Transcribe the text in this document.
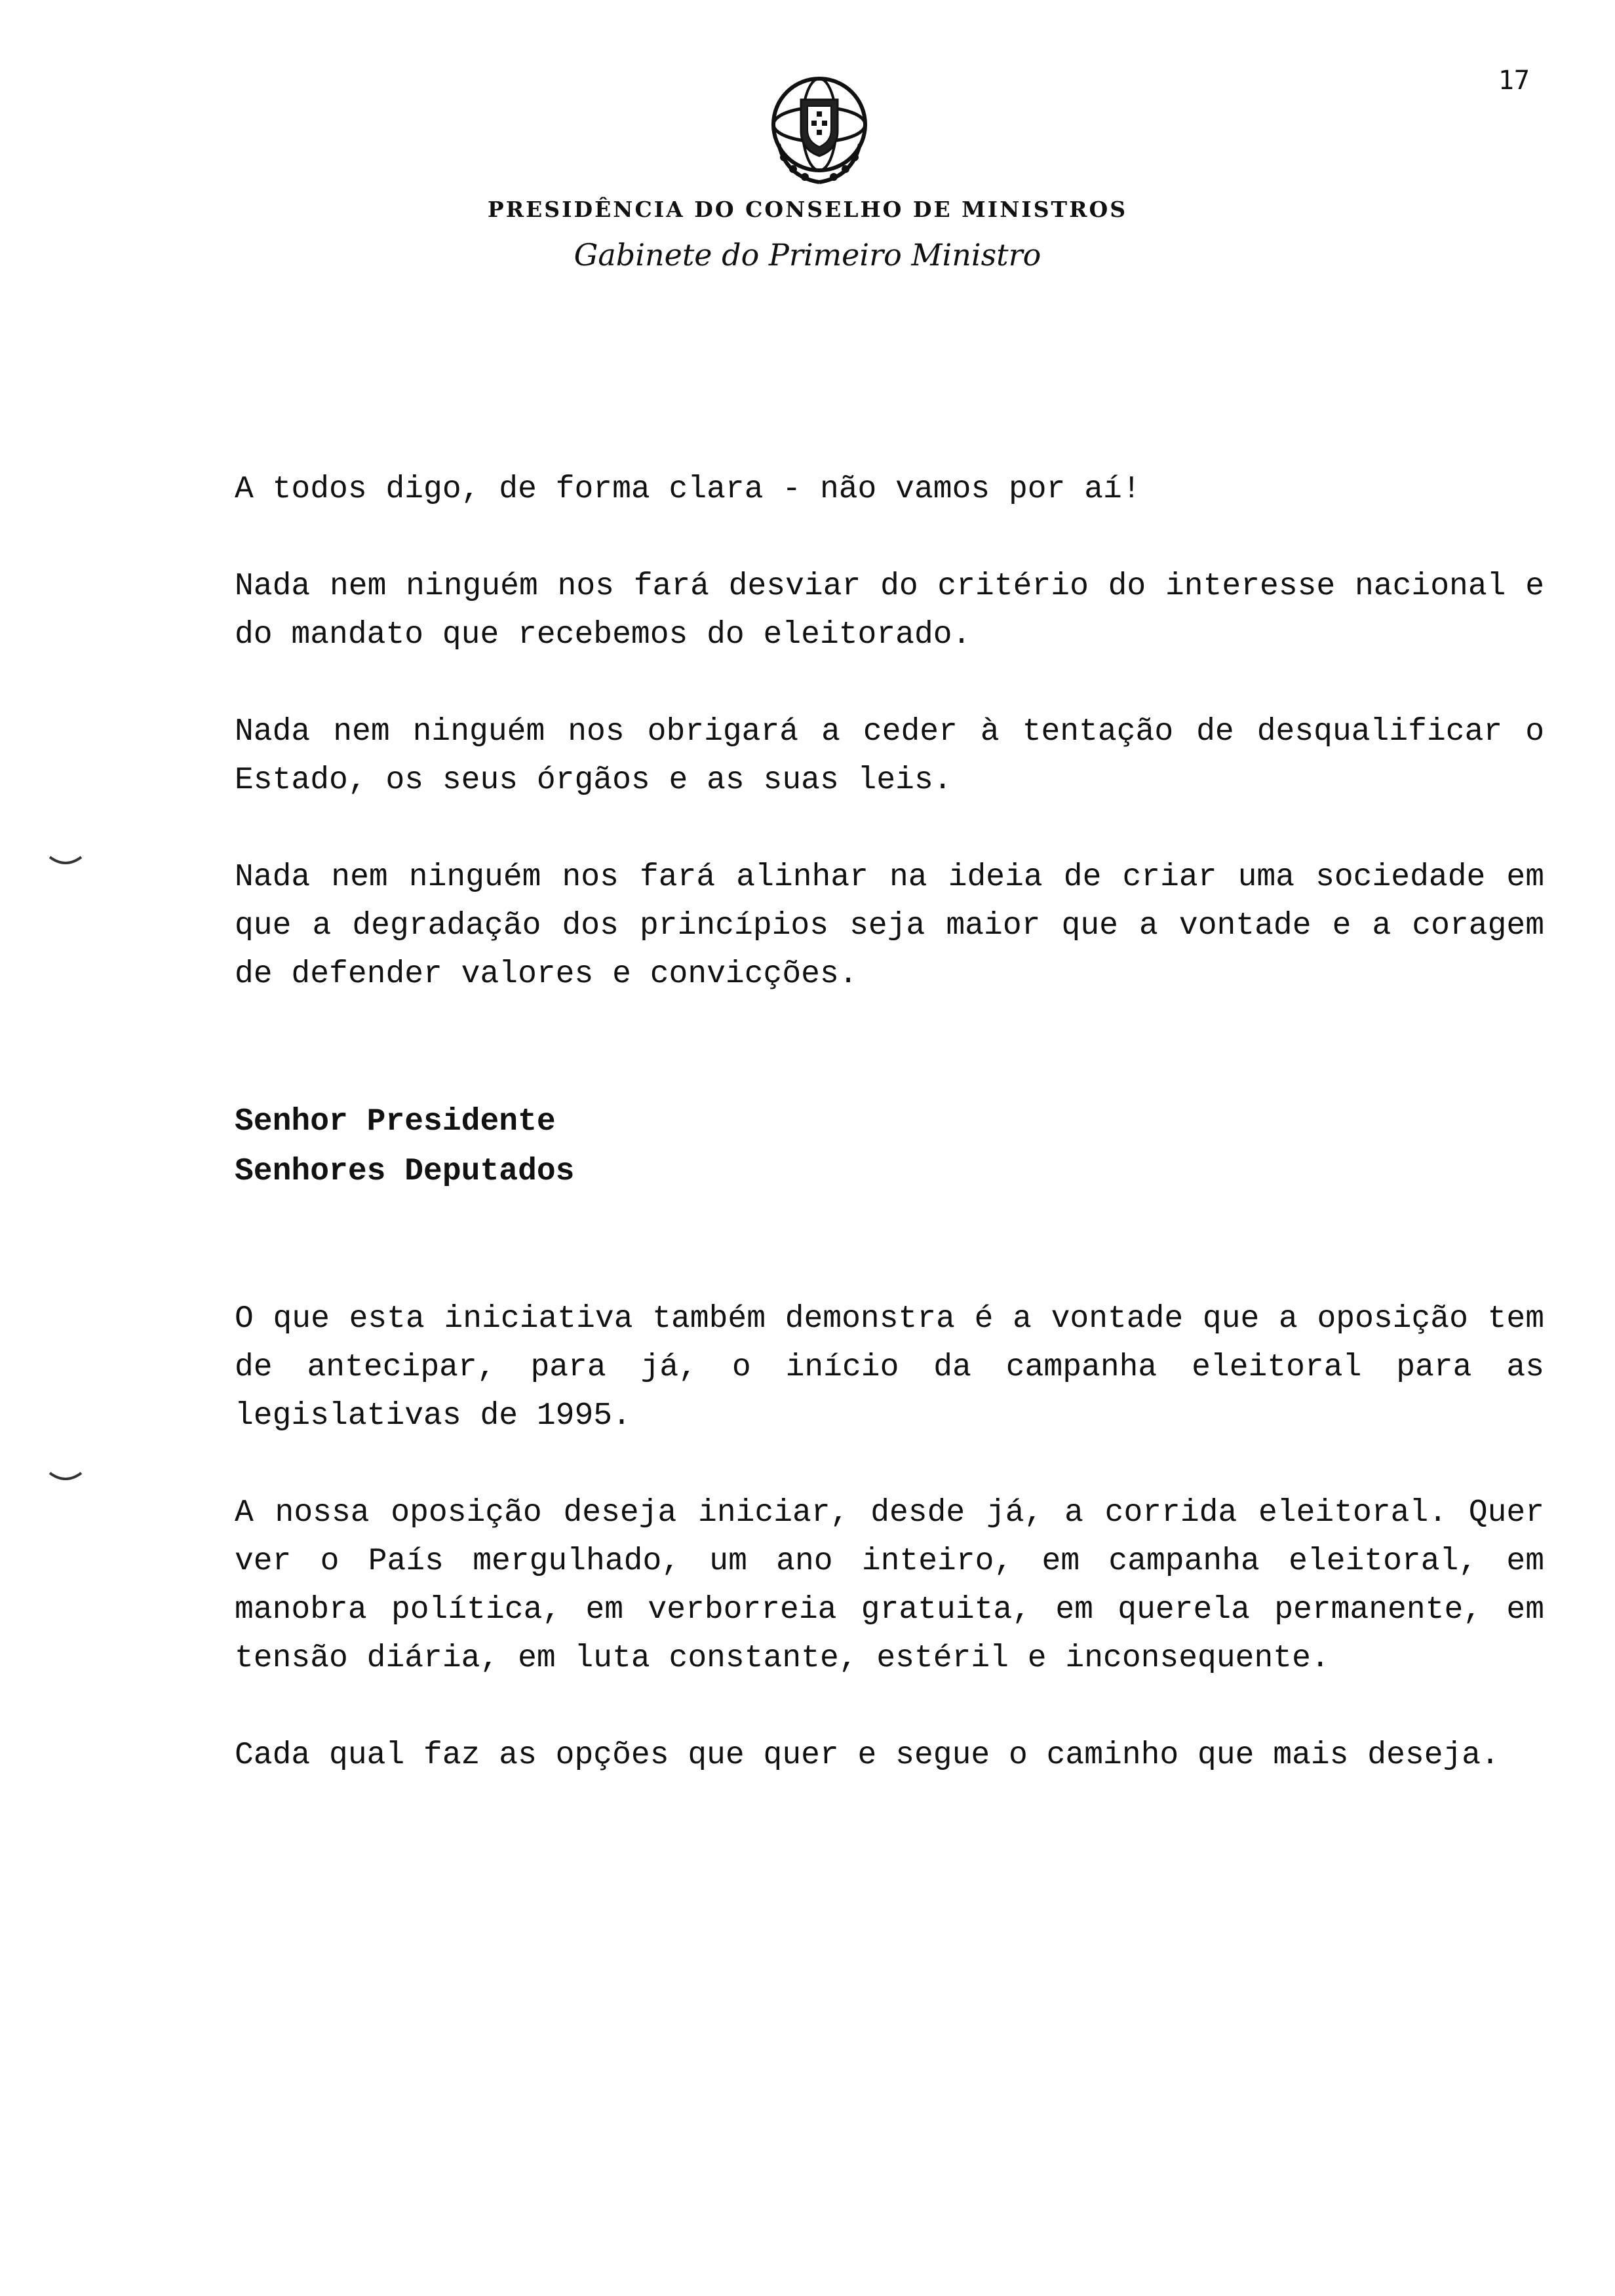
17
PRESIDÊNCIA DO CONSELHO DE MINISTROS
Gabinete do Primeiro Ministro

A todos digo, de forma clara - não vamos por aí!

Nada nem ninguém nos fará desviar do critério do interesse nacional e do mandato que recebemos do eleitorado.

Nada nem ninguém nos obrigará a ceder à tentação de desqualificar o Estado, os seus órgãos e as suas leis.

Nada nem ninguém nos fará alinhar na ideia de criar uma sociedade em que a degradação dos princípios seja maior que a vontade e a coragem de defender valores e convicções.

Senhor Presidente
Senhores Deputados

O que esta iniciativa também demonstra é a vontade que a oposição tem de antecipar, para já, o início da campanha eleitoral para as legislativas de 1995.

A nossa oposição deseja iniciar, desde já, a corrida eleitoral. Quer ver o País mergulhado, um ano inteiro, em campanha eleitoral, em manobra política, em verborreia gratuita, em querela permanente, em tensão diária, em luta constante, estéril e inconsequente.

Cada qual faz as opções que quer e segue o caminho que mais deseja.
